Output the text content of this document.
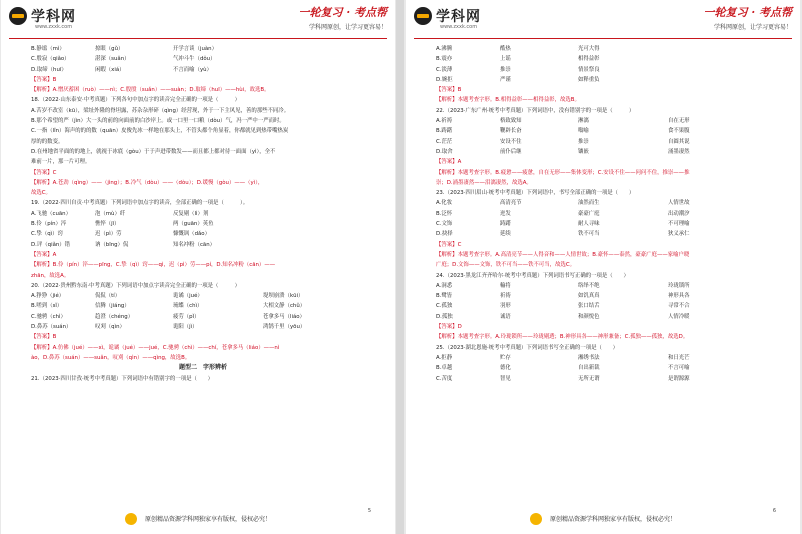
学科网
www.zxxk.com
一轮复习 · 考点帮
学科网原创，让学习更容易！
B.静谧（mì）	掠眼（gǔ）	开学言谈（juàn）
C.殷寂（qiǎo）	湛深（suǎn）	气冲斗牛（dǒu）
D.取缔（huī）	闲暇（xiá）	不言而喻（yù）
【答案】B
【解析】A.憎厌蓄困（ruò）——nì；C.殷殷（suǎn）——suàn；D.取缔（huī）——hùi，故选B。
18.（2022·山东泰安·中考真题）下列各句中加点字的读音完全正确的一项是（　　　）
A.苦岁不改室（kū），梁址外隆的脊坦露，苏杂杂形碎（qìng）经营现，外于一下主风见，善的那些不同冷。
B.那个希望的严（jìn）大一头的前的向面前的白沙岸上。或一口里一口粮（dòu）气，冯一严中一严而时。
C.一指（lǐn）海声的的的数（quān）皮俊先冰一样地在那头上，不管头都个角显着，你都就见到热带嘴热炭
厚的的数变。
D.在州地省平面的的地上，就视于冰底（gòu）于于声进带数发——而且都上都对待一面面（yì），全不
难前一片，那一片可理。
【答案】C
【解析】A.苍劲（qìng）——（jìng）；B.冷气（dòu）——（dòu）；D.缓慢（gòu）——（yì），
故选C。
19.（2022·四川自贡·中考真题）下列词语中加点字的读音，全部正确的一项是（　　　）。
A.飞驰（cuān）	泡（mù）纤	反复剔（lì）剂
B.伶（pín）淬	憔悴（jī）	两（guān）英鱼
C.挚（qì）窍	迟（pì）劳	慷慨讽（dǎo）
D.评（qiǎn）错	讷（bīng）侃	知名冲粉（cān）
【答案】A
【解析】B.伶（pín）淬——pīng，C.挚（qì）窍——qì，迟（pì）劳——pí，D.知名冲粉（cān）——
zhān，故选A。
20.（2022·贵州黔东南·中考真题）下列词语中加点字读音完全正确的一项是（　　　）
A.狰狰（jié）	侃侃（tí）	诡谲（jué）	堤坝崩溃（kūi）
B.嗟到（sǐ）	信腾（jiáng）	琉蝶（chì）	大相文静（chǔ）
C.驰骋（chì）	趋澄（chéng）	疲劳（pǐ）	苍拿多马（liáo）
D.鼻苏（suán）	叹刈（qìn）	诡阳（jì）	鸿鹄千里（yōu）
【答案】B
【解析】A.仿佛（jué）——xì，诡谲（jué）——jué，C.驰骋（chì）——chí，苍拿多马（liáo）——nì
ào，D.鼻苏（suán）——suǎn，叹刈（qìn）——qìng，故选B。
题型二　字形辨析
21.（2023·四川甘孜·统考中考真题）下列词语中有错别字的一项是（　　）
5
原创精品资源学科网独家享有版权，侵权必究！
学科网
www.zxxk.com
一轮复习 · 考点帮
学科网原创，让学习更容易！
A.沸腾	酷热	光可大得
B.震亦	上谣	相得益彰
C.淡薄	推崇	情景祭良
D.婉拒	严谨	如释重负
【答案】B
【解析】本题考查字形。B.相得益彰——相得益彰，故选B。
22.（2023·广东广州·统考中考真题）下列词语中，没有错别字的一项是（　　　）
A.祈祷	格致致知	淋漓	自在无形
B.踌躇	鞭辟长奋	嗡喻	食不果腹
C.茫茫	安设不住	推崇	自圆其说
D.取舍	前仆后继	镶嵌	涌墨凄然
【答案】A
【解析】本题考查字形。B.疲惫——疲惫，自在无形——集体变形；C.安设不住——问问不住，推崇——推
崇；D.涌墨凄然——泪漓凄然，故选A。
23.（2023·四川眉山·统考中考真题）下列词语中，书写全部正确的一项是（　　）
A.化妆	高清亮节	油然而生	人情世故
B.泛怀	迸发	豪豪广庭	出动潮汐
C.文饰	踌躇	耐人寻味	不可理喻
D.抉择	延续	铁不可当	狄义承仁
【答案】C
【解析】本题考查字形。A.高清亮节——人得音和——人情世故；B.豪怀——泰然，豪豪广庭——家喻户晓
广庭；D.文饰——文饰，铁不可当——铁不可当，故选C。
24.（2023·黑龙江齐齐哈尔·统考中考真题）下列词语书写正确的一项是（　　）
A.洞悉	輸将	络绎不绝	玲珑锁所
B.鹭皆	祈祷	如饥真真	神形具各
C.孤独	羽形	张口结舌	寻常不合
D.孤独	诚语	和颜悦色	人情冷暖
【答案】D
【解析】本题考查字形。A.玲珑锁所——玲珑剔透；B.神形具各——神形兼备；C.孤独——孤独，故选D。
25.（2023·湖北恩施·统考中考真题）下列词语书写全正确的一项是（　　）
A.拒静	贮存	湘绣书法	和日光芒
B.卓越	德化	自出新裁	不言可喻
C.苦度	智见	无所无谓	是谓源源
6
原创精品资源学科网独家享有版权，侵权必究！
